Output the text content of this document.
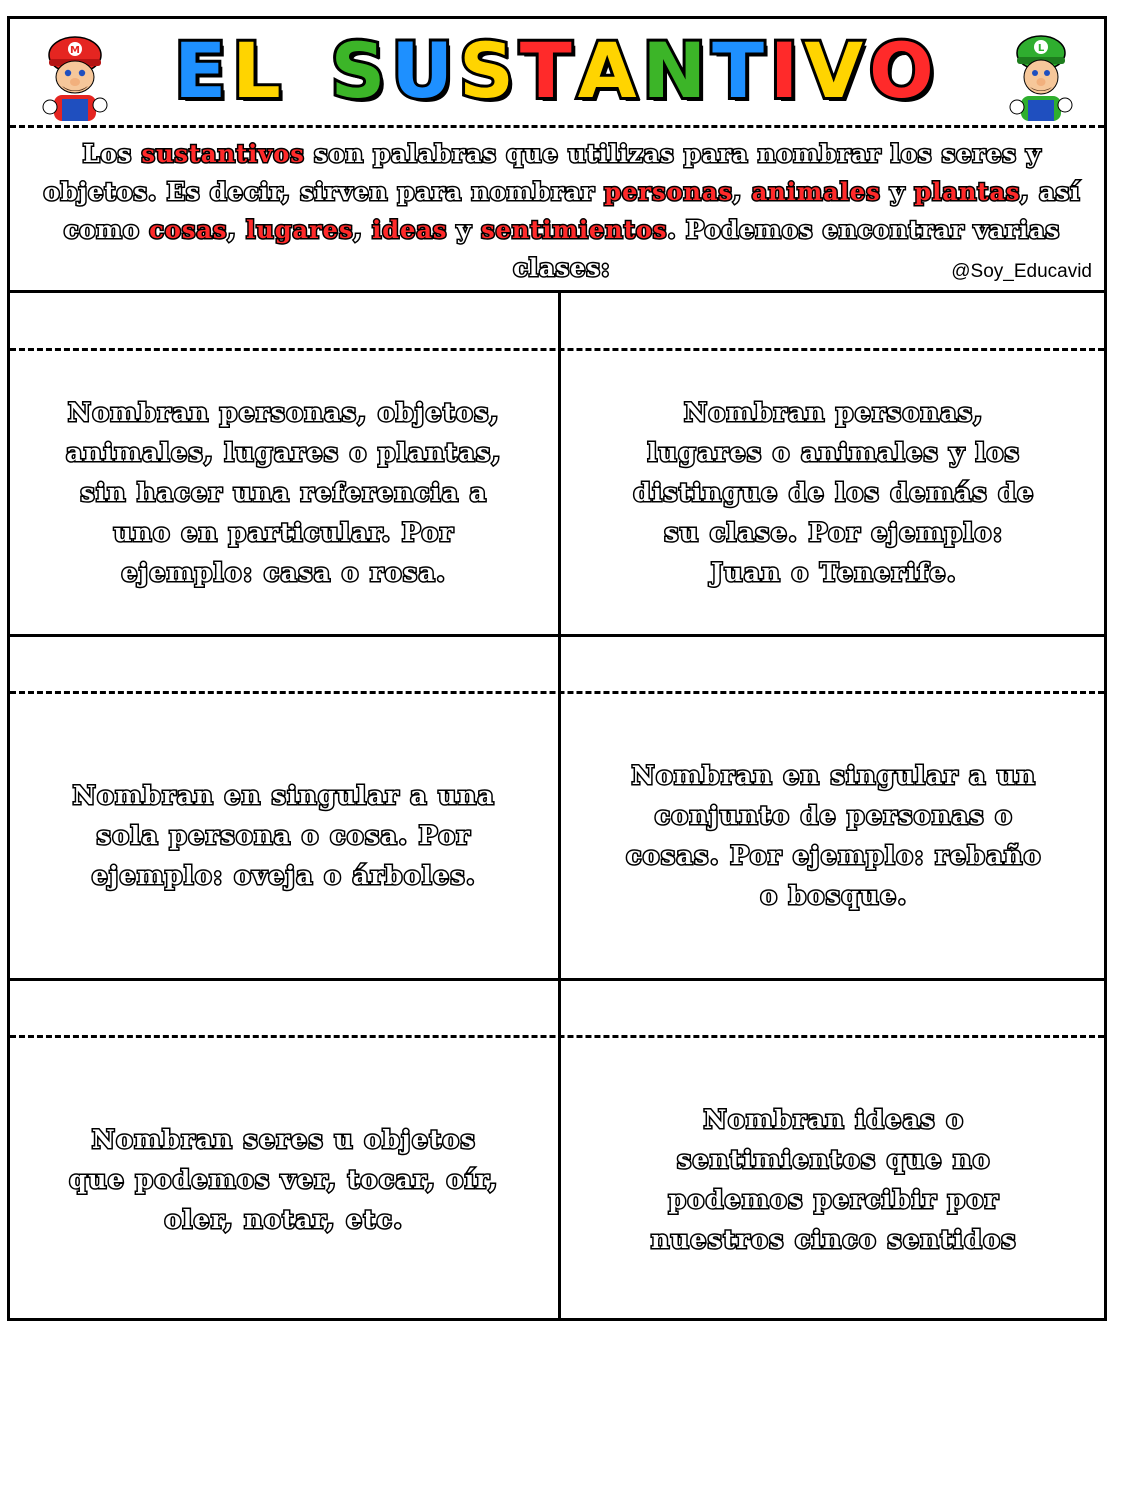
M	EL SUSTANTIVO	L
Los sustantivos son palabras que utilizas para nombrar los seres y objetos. Es decir, sirven para nombrar personas, animales y plantas, así como cosas, lugares, ideas y sentimientos. Podemos encontrar varias clases:	@Soy_Educavid
Nombran personas, objetos,
animales, lugares o plantas,
sin hacer una referencia a
uno en particular. Por
ejemplo: casa o rosa.
Nombran personas,
lugares o animales y los
distingue de los demás de
su clase. Por ejemplo:
Juan o Tenerife.
Nombran en singular a una
sola persona o cosa. Por
ejemplo: oveja o árboles.
Nombran en singular a un
conjunto de personas o
cosas. Por ejemplo: rebaño
o bosque.
Nombran seres u objetos
que podemos ver, tocar, oír,
oler, notar, etc.
Nombran ideas o
sentimientos que no
podemos percibir por
nuestros cinco sentidos
